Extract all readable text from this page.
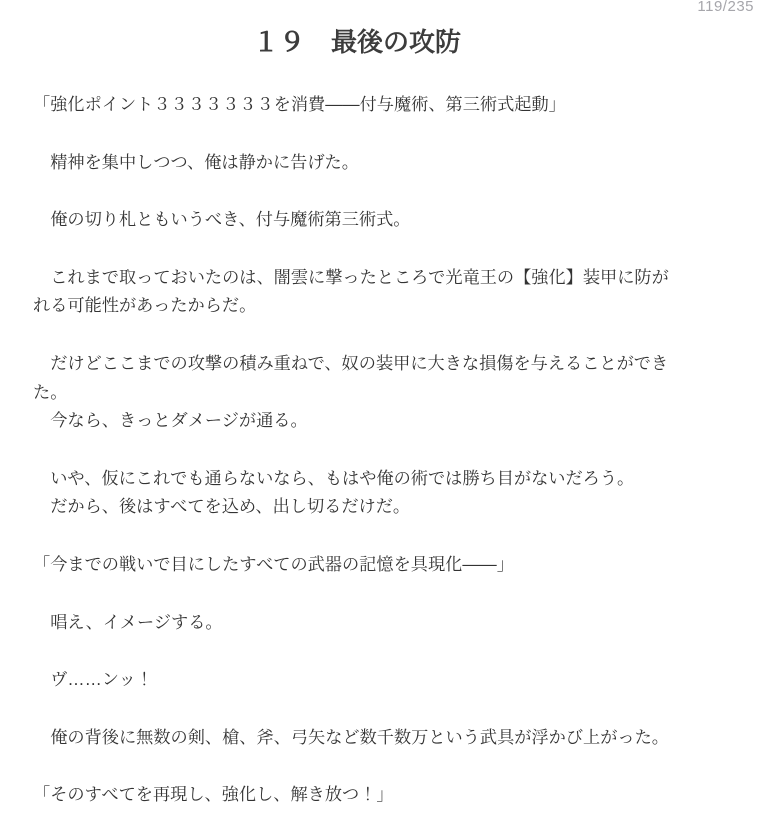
119/235
１９　最後の攻防

「強化ポイント３３３３３３３を消費――付与魔術、第三術式起動」

　精神を集中しつつ、俺は静かに告げた。

　俺の切り札ともいうべき、付与魔術第三術式。

　これまで取っておいたのは、闇雲に撃ったところで光竜王の【強化】装甲に防がれる可能性があったからだ。

　だけどここまでの攻撃の積み重ねで、奴の装甲に大きな損傷を与えることができた。
　今なら、きっとダメージが通る。

　いや、仮にこれでも通らないなら、もはや俺の術では勝ち目がないだろう。
　だから、後はすべてを込め、出し切るだけだ。

「今までの戦いで目にしたすべての武器の記憶を具現化――」

　唱え、イメージする。

　ヴ……ンッ！

　俺の背後に無数の剣、槍、斧、弓矢など数千数万という武具が浮かび上がった。

「そのすべてを再現し、強化し、解き放つ！」
